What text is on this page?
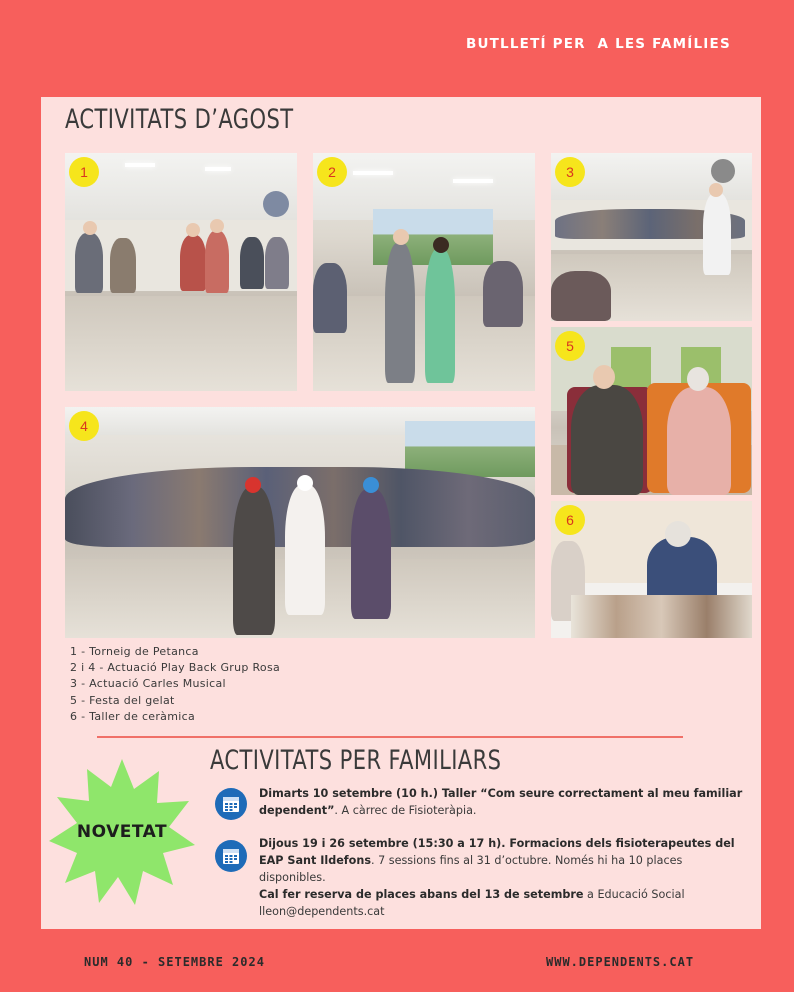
BUTLLETÍ PER  A LES FAMÍLIES
ACTIVITATS D’AGOST
1	2	3
4
5
6
1 - Torneig de Petanca
2 i 4 - Actuació Play Back Grup Rosa
3 - Actuació Carles Musical
5 - Festa del gelat
6 - Taller de ceràmica
ACTIVITATS PER FAMILIARS
NOVETAT
Dimarts 10 setembre (10 h.) Taller “Com seure correctament al meu familiar dependent”. A càrrec de Fisioteràpia.
Dijous 19 i 26 setembre (15:30 a 17 h). Formacions dels fisioterapeutes del EAP Sant Ildefons. 7 sessions fins al 31 d’octubre. Només hi ha 10 places disponibles.
Cal fer reserva de places abans del 13 de setembre a Educació Social
lleon@dependents.cat
NUM 40 - SETEMBRE 2024	WWW.DEPENDENTS.CAT
